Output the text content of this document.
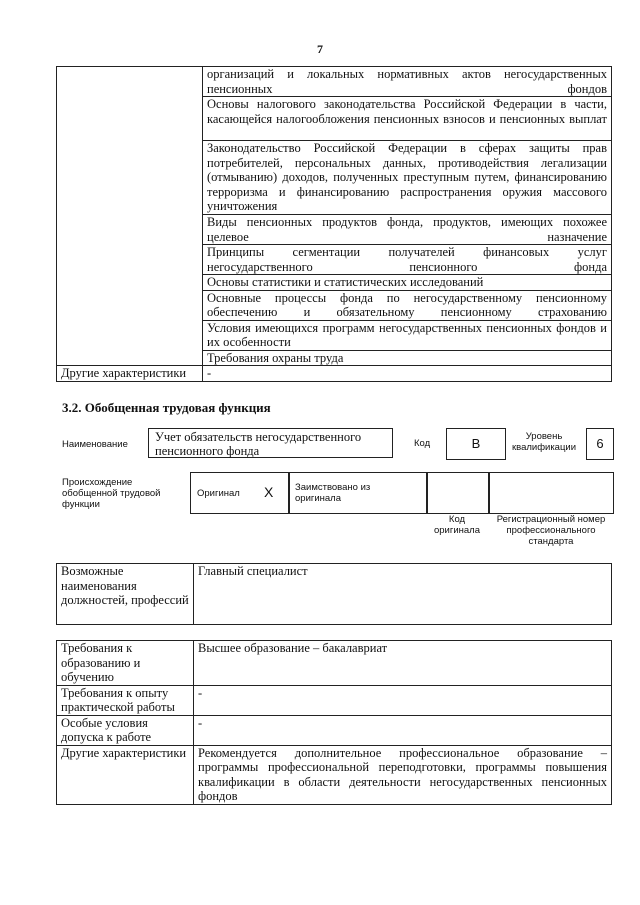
7
	организаций и локальных нормативных актов негосударственных пенсионных фондов
	Основы налогового законодательства Российской Федерации в части, касающейся налогообложения пенсионных взносов и пенсионных выплат
	Законодательство Российской Федерации в сферах защиты прав потребителей, персональных данных, противодействия легализации (отмыванию) доходов, полученных преступным путем, финансированию терроризма и финансированию распространения оружия массового уничтожения
	Виды пенсионных продуктов фонда, продуктов, имеющих похожее целевое назначение
	Принципы сегментации получателей финансовых услуг негосударственного пенсионного фонда
	Основы статистики и статистических исследований
	Основные процессы фонда по негосударственному пенсионному обеспечению и обязательному пенсионному страхованию
	Условия имеющихся программ негосударственных пенсионных фондов и их особенности
	Требования охраны труда
Другие характеристики	-
3.2. Обобщенная трудовая функция
Наименование
Учет обязательств негосударственного пенсионного фонда
Код	B	Уровень квалификации	6
Происхождение обобщенной трудовой функции
Оригинал X Заимствовано из оригинала
Код оригинала
Регистрационный номер профессионального стандарта
Возможные наименования должностей, профессий	Главный специалист
Требования к образованию и обучению	Высшее образование – бакалавриат
Требования к опыту практической работы	-
Особые условия допуска к работе	-
Другие характеристики	Рекомендуется дополнительное профессиональное образование – программы профессиональной переподготовки, программы повышения квалификации в области деятельности негосударственных пенсионных фондов
